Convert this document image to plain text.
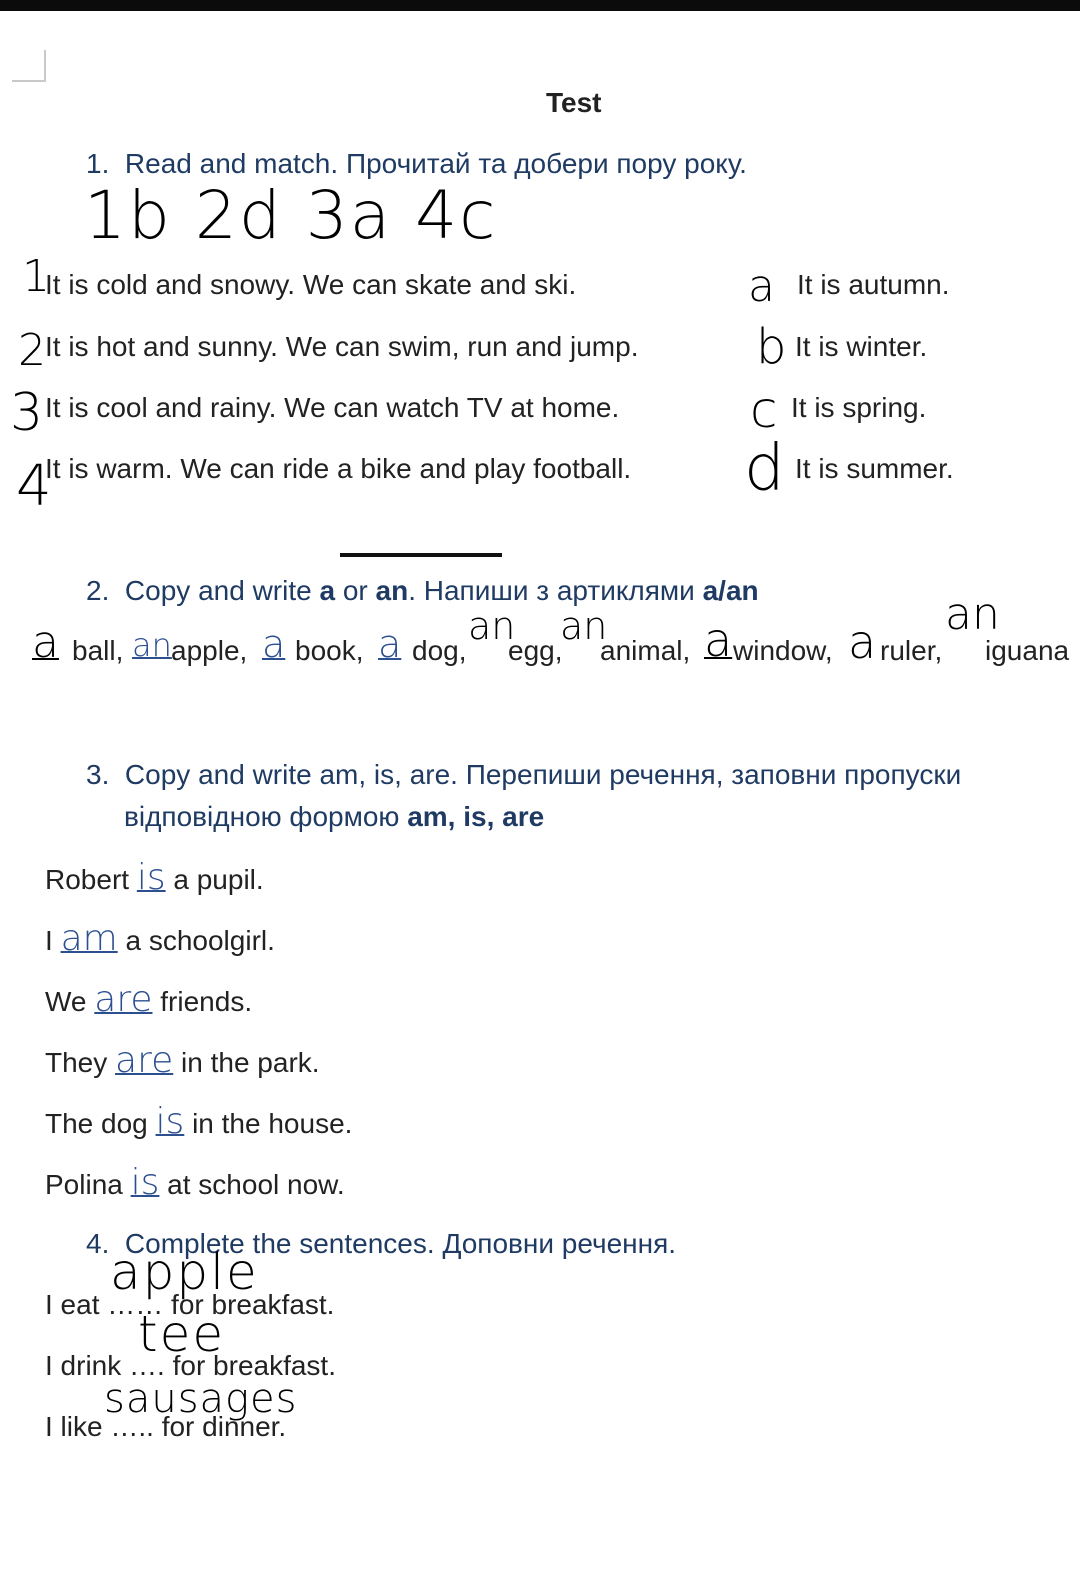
Test
1. Read and match. Прочитай та добери пору року.
1b 2d 3a 4c
1
It is cold and snowy. We can skate and ski.
2 It is hot and sunny. We can swim, run and jump.
3 It is cool and rainy. We can watch TV at home.
4
It is warm. We can ride a bike and play football.
a It is autumn.
b It is winter.
c It is spring.
d It is summer.
2. Copy and write a or an. Напиши з артиклями a/an
ball, apple, book, dog, egg, animal, window, ruler, iguana
a an a a an an a	a
an
3. Copy and write am, is, are. Перепиши речення, заповни пропуски
відповідною формою am, is, are
Robert is a pupil.
I am a schoolgirl.
We are friends.
They are in the park.
The dog is in the house.
Polina is at school now.
4. Complete the sentences. Доповни речення.
apple
I eat …… for breakfast.
tee
I drink …. for breakfast.
sausages
I like ….. for dinner.
